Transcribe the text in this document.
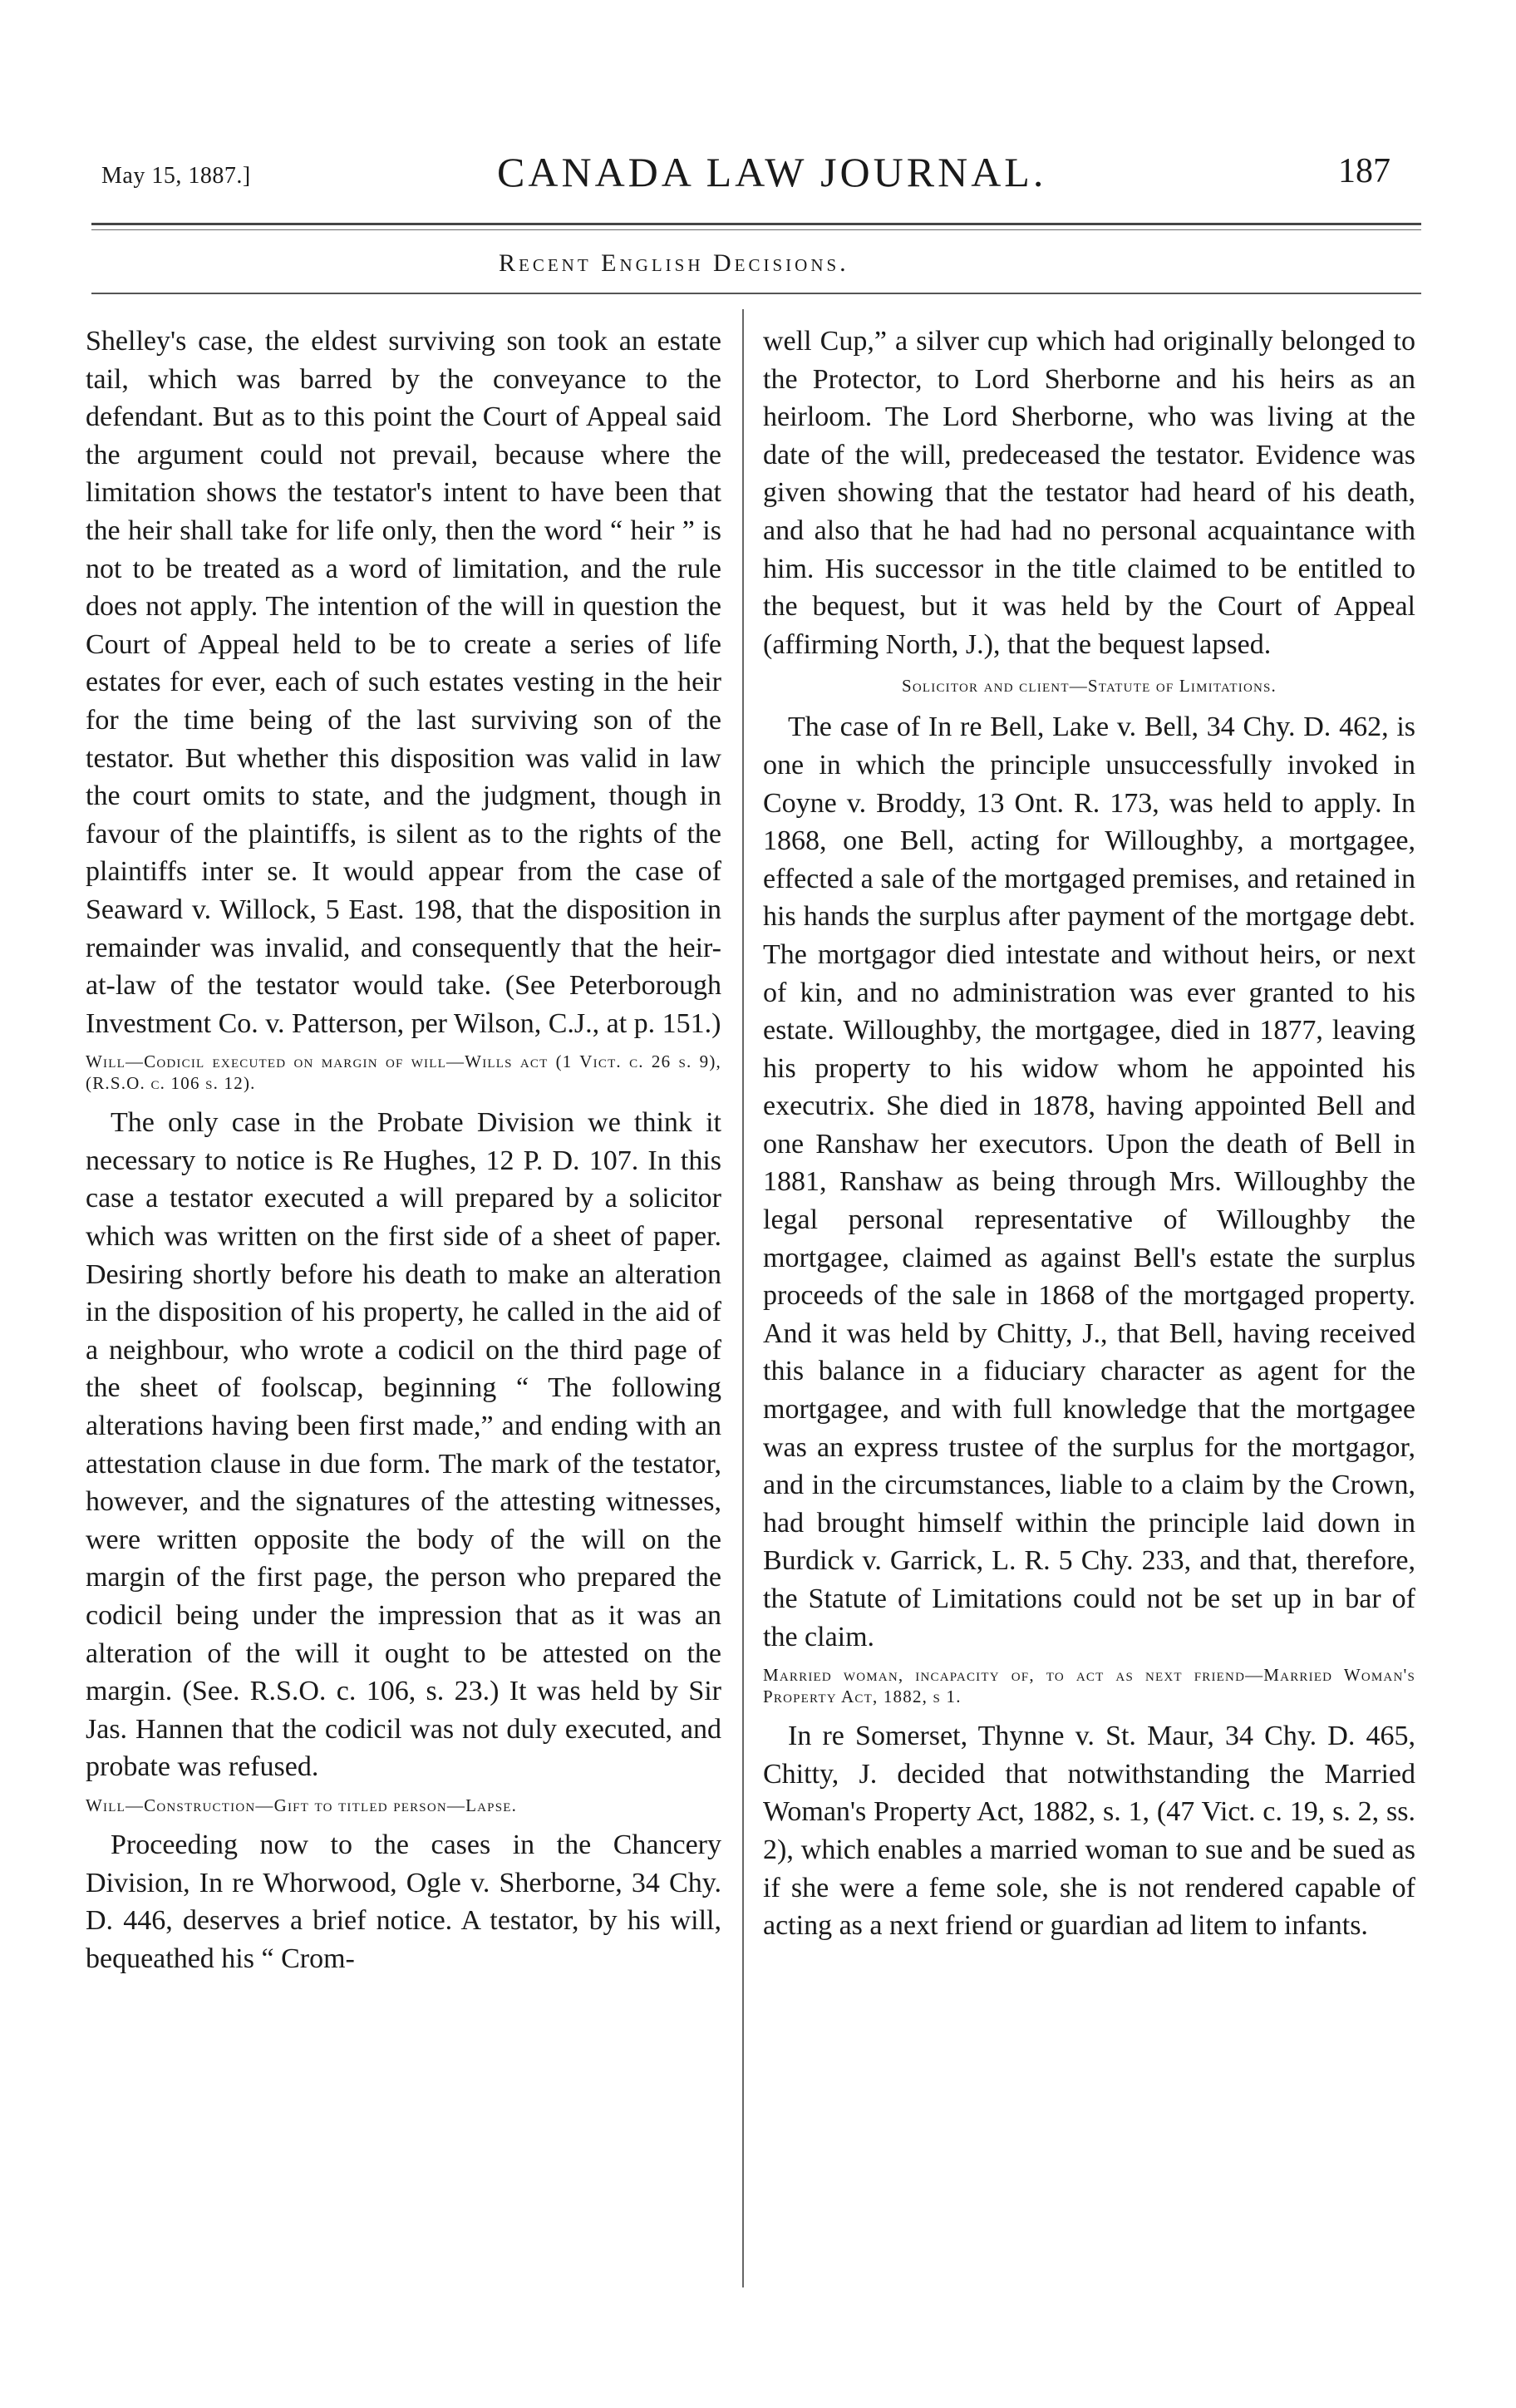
May 15, 1887.]	CANADA LAW JOURNAL.	187
Recent English Decisions.

Shelley's case, the eldest surviving son took an estate tail, which was barred by the conveyance to the defendant. But as to this point the Court of Appeal said the argument could not prevail, because where the limitation shows the testator's intent to have been that the heir shall take for life only, then the word “ heir ” is not to be treated as a word of limitation, and the rule does not apply. The intention of the will in question the Court of Appeal held to be to create a series of life estates for ever, each of such estates vesting in the heir for the time being of the last surviving son of the testator. But whether this disposition was valid in law the court omits to state, and the judgment, though in favour of the plaintiffs, is silent as to the rights of the plaintiffs inter se. It would appear from the case of Seaward v. Willock, 5 East. 198, that the disposition in remainder was invalid, and consequently that the heir-at-law of the testator would take. (See Peterborough Investment Co. v. Patterson, per Wilson, C.J., at p. 151.)

Will—Codicil executed on margin of will—Wills act (1 Vict. c. 26 s. 9), (R.S.O. c. 106 s. 12).

The only case in the Probate Division we think it necessary to notice is Re Hughes, 12 P. D. 107. In this case a testator executed a will prepared by a solicitor which was written on the first side of a sheet of paper. Desiring shortly before his death to make an alteration in the disposition of his property, he called in the aid of a neighbour, who wrote a codicil on the third page of the sheet of foolscap, beginning “ The following alterations having been first made,” and ending with an attestation clause in due form. The mark of the testator, however, and the signatures of the attesting witnesses, were written opposite the body of the will on the margin of the first page, the person who prepared the codicil being under the impression that as it was an alteration of the will it ought to be attested on the margin. (See. R.S.O. c. 106, s. 23.) It was held by Sir Jas. Hannen that the codicil was not duly executed, and probate was refused.

Will—Construction—Gift to titled person—Lapse.

Proceeding now to the cases in the Chancery Division, In re Whorwood, Ogle v. Sherborne, 34 Chy. D. 446, deserves a brief notice. A testator, by his will, bequeathed his “ Crom-

well Cup,” a silver cup which had originally belonged to the Protector, to Lord Sherborne and his heirs as an heirloom. The Lord Sherborne, who was living at the date of the will, predeceased the testator. Evidence was given showing that the testator had heard of his death, and also that he had had no personal acquaintance with him. His successor in the title claimed to be entitled to the bequest, but it was held by the Court of Appeal (affirming North, J.), that the bequest lapsed.

Solicitor and client—Statute of Limitations.

The case of In re Bell, Lake v. Bell, 34 Chy. D. 462, is one in which the principle unsuccessfully invoked in Coyne v. Broddy, 13 Ont. R. 173, was held to apply. In 1868, one Bell, acting for Willoughby, a mortgagee, effected a sale of the mortgaged premises, and retained in his hands the surplus after payment of the mortgage debt. The mortgagor died intestate and without heirs, or next of kin, and no administration was ever granted to his estate. Willoughby, the mortgagee, died in 1877, leaving his property to his widow whom he appointed his executrix. She died in 1878, having appointed Bell and one Ranshaw her executors. Upon the death of Bell in 1881, Ranshaw as being through Mrs. Willoughby the legal personal representative of Willoughby the mortgagee, claimed as against Bell's estate the surplus proceeds of the sale in 1868 of the mortgaged property. And it was held by Chitty, J., that Bell, having received this balance in a fiduciary character as agent for the mortgagee, and with full knowledge that the mortgagee was an express trustee of the surplus for the mortgagor, and in the circumstances, liable to a claim by the Crown, had brought himself within the principle laid down in Burdick v. Garrick, L. R. 5 Chy. 233, and that, therefore, the Statute of Limitations could not be set up in bar of the claim.

Married woman, incapacity of, to act as next friend—Married Woman's Property Act, 1882, s 1.

In re Somerset, Thynne v. St. Maur, 34 Chy. D. 465, Chitty, J. decided that notwithstanding the Married Woman's Property Act, 1882, s. 1, (47 Vict. c. 19, s. 2, ss. 2), which enables a married woman to sue and be sued as if she were a feme sole, she is not rendered capable of acting as a next friend or guardian ad litem to infants.
